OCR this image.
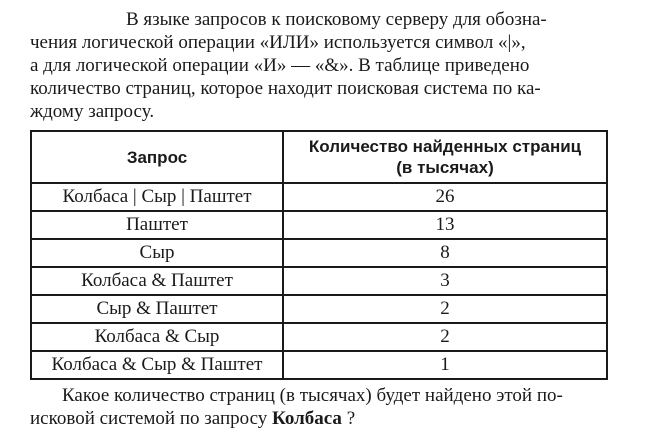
В языке запросов к поисковому серверу для обозна-
чения логической операции «ИЛИ» используется символ «|»,
а для логической операции «И» — «&». В таблице приведено
количество страниц, которое находит поисковая система по ка-
ждому запросу.
Запрос	Количество найденных страниц
(в тысячах)
Колбаса | Сыр | Паштет	26
Паштет	13
Сыр	8
Колбаса & Паштет	3
Сыр & Паштет	2
Колбаса & Сыр	2
Колбаса & Сыр & Паштет	1
Какое количество страниц (в тысячах) будет найдено этой по-
исковой системой по запросу Колбаса ?
